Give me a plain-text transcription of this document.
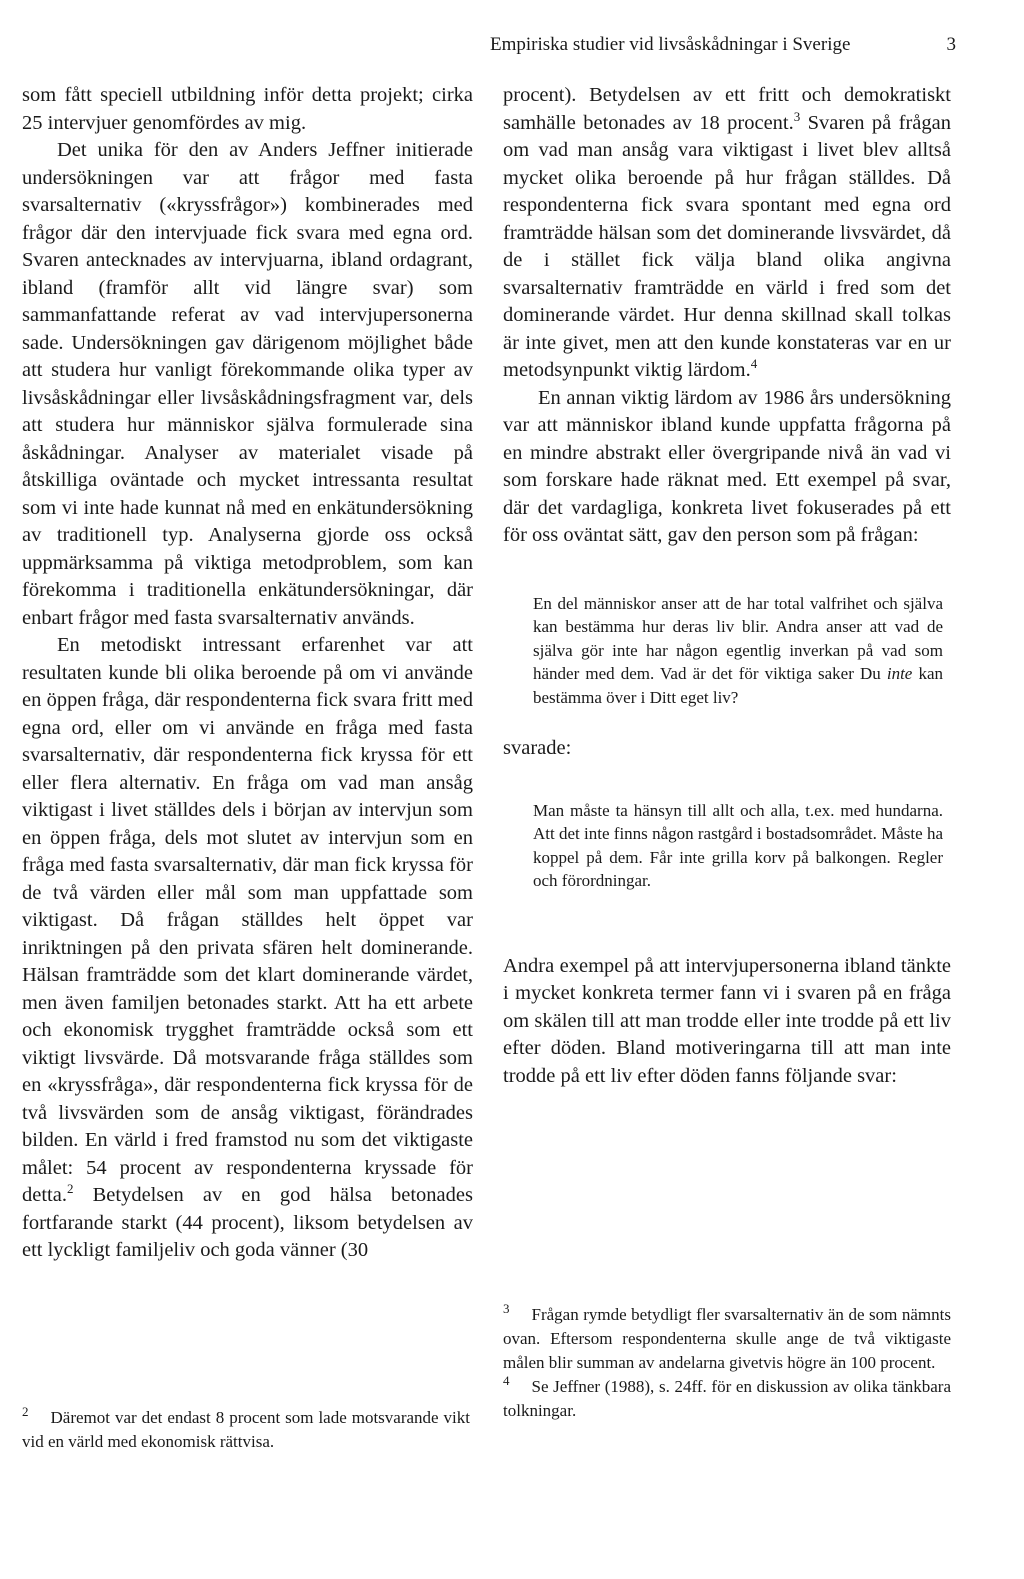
Empiriska studier vid livsåskådningar i Sverige	3

som fått speciell utbildning inför detta projekt; cirka 25 intervjuer genomfördes av mig.

Det unika för den av Anders Jeffner initierade undersökningen var att frågor med fasta svarsalternativ («kryssfrågor») kombinerades med frågor där den intervjuade fick svara med egna ord. Svaren antecknades av intervjuarna, ibland ordagrant, ibland (framför allt vid längre svar) som sammanfattande referat av vad intervjupersonerna sade. Undersökningen gav därigenom möjlighet både att studera hur vanligt förekommande olika typer av livsåskådningar eller livsåskådningsfragment var, dels att studera hur människor själva formulerade sina åskådningar. Analyser av materialet visade på åtskilliga oväntade och mycket intressanta resultat som vi inte hade kunnat nå med en enkätundersökning av traditionell typ. Analyserna gjorde oss också uppmärksamma på viktiga metodproblem, som kan förekomma i traditionella enkätundersökningar, där enbart frågor med fasta svarsalternativ används.

En metodiskt intressant erfarenhet var att resultaten kunde bli olika beroende på om vi använde en öppen fråga, där respondenterna fick svara fritt med egna ord, eller om vi använde en fråga med fasta svarsalternativ, där respondenterna fick kryssa för ett eller flera alternativ. En fråga om vad man ansåg viktigast i livet ställdes dels i början av intervjun som en öppen fråga, dels mot slutet av intervjun som en fråga med fasta svarsalternativ, där man fick kryssa för de två värden eller mål som man uppfattade som viktigast. Då frågan ställdes helt öppet var inriktningen på den privata sfären helt dominerande. Hälsan framträdde som det klart dominerande värdet, men även familjen betonades starkt. Att ha ett arbete och ekonomisk trygghet framträdde också som ett viktigt livsvärde. Då motsvarande fråga ställdes som en «kryssfråga», där respondenterna fick kryssa för de två livsvärden som de ansåg viktigast, förändrades bilden. En värld i fred framstod nu som det viktigaste målet: 54 procent av respondenterna kryssade för detta.$^2$ Betydelsen av en god hälsa betonades fortfarande starkt (44 procent), liksom betydelsen av ett lyckligt familjeliv och goda vänner (30

procent). Betydelsen av ett fritt och demokratiskt samhälle betonades av 18 procent.$^3$ Svaren på frågan om vad man ansåg vara viktigast i livet blev alltså mycket olika beroende på hur frågan ställdes. Då respondenterna fick svara spontant med egna ord framträdde hälsan som det dominerande livsvärdet, då de i stället fick välja bland olika angivna svarsalternativ framträdde en värld i fred som det dominerande värdet. Hur denna skillnad skall tolkas är inte givet, men att den kunde konstateras var en ur metodsynpunkt viktig lärdom.$^4$

En annan viktig lärdom av 1986 års undersökning var att människor ibland kunde uppfatta frågorna på en mindre abstrakt eller övergripande nivå än vad vi som forskare hade räknat med. Ett exempel på svar, där det vardagliga, konkreta livet fokuserades på ett för oss oväntat sätt, gav den person som på frågan:

En del människor anser att de har total valfrihet och själva kan bestämma hur deras liv blir. Andra anser att vad de själva gör inte har någon egentlig inverkan på vad som händer med dem. Vad är det för viktiga saker Du inte kan bestämma över i Ditt eget liv?

svarade:

Man måste ta hänsyn till allt och alla, t.ex. med hundarna. Att det inte finns någon rastgård i bostadsområdet. Måste ha koppel på dem. Får inte grilla korv på balkongen. Regler och förordningar.

Andra exempel på att intervjupersonerna ibland tänkte i mycket konkreta termer fann vi i svaren på en fråga om skälen till att man trodde eller inte trodde på ett liv efter döden. Bland motiveringarna till att man inte trodde på ett liv efter döden fanns följande svar:

$^2$ Däremot var det endast 8 procent som lade motsvarande vikt vid en värld med ekonomisk rättvisa.
$^3$ Frågan rymde betydligt fler svarsalternativ än de som nämnts ovan. Eftersom respondenterna skulle ange de två viktigaste målen blir summan av andelarna givetvis högre än 100 procent.
$^4$ Se Jeffner (1988), s. 24ff. för en diskussion av olika tänkbara tolkningar.
